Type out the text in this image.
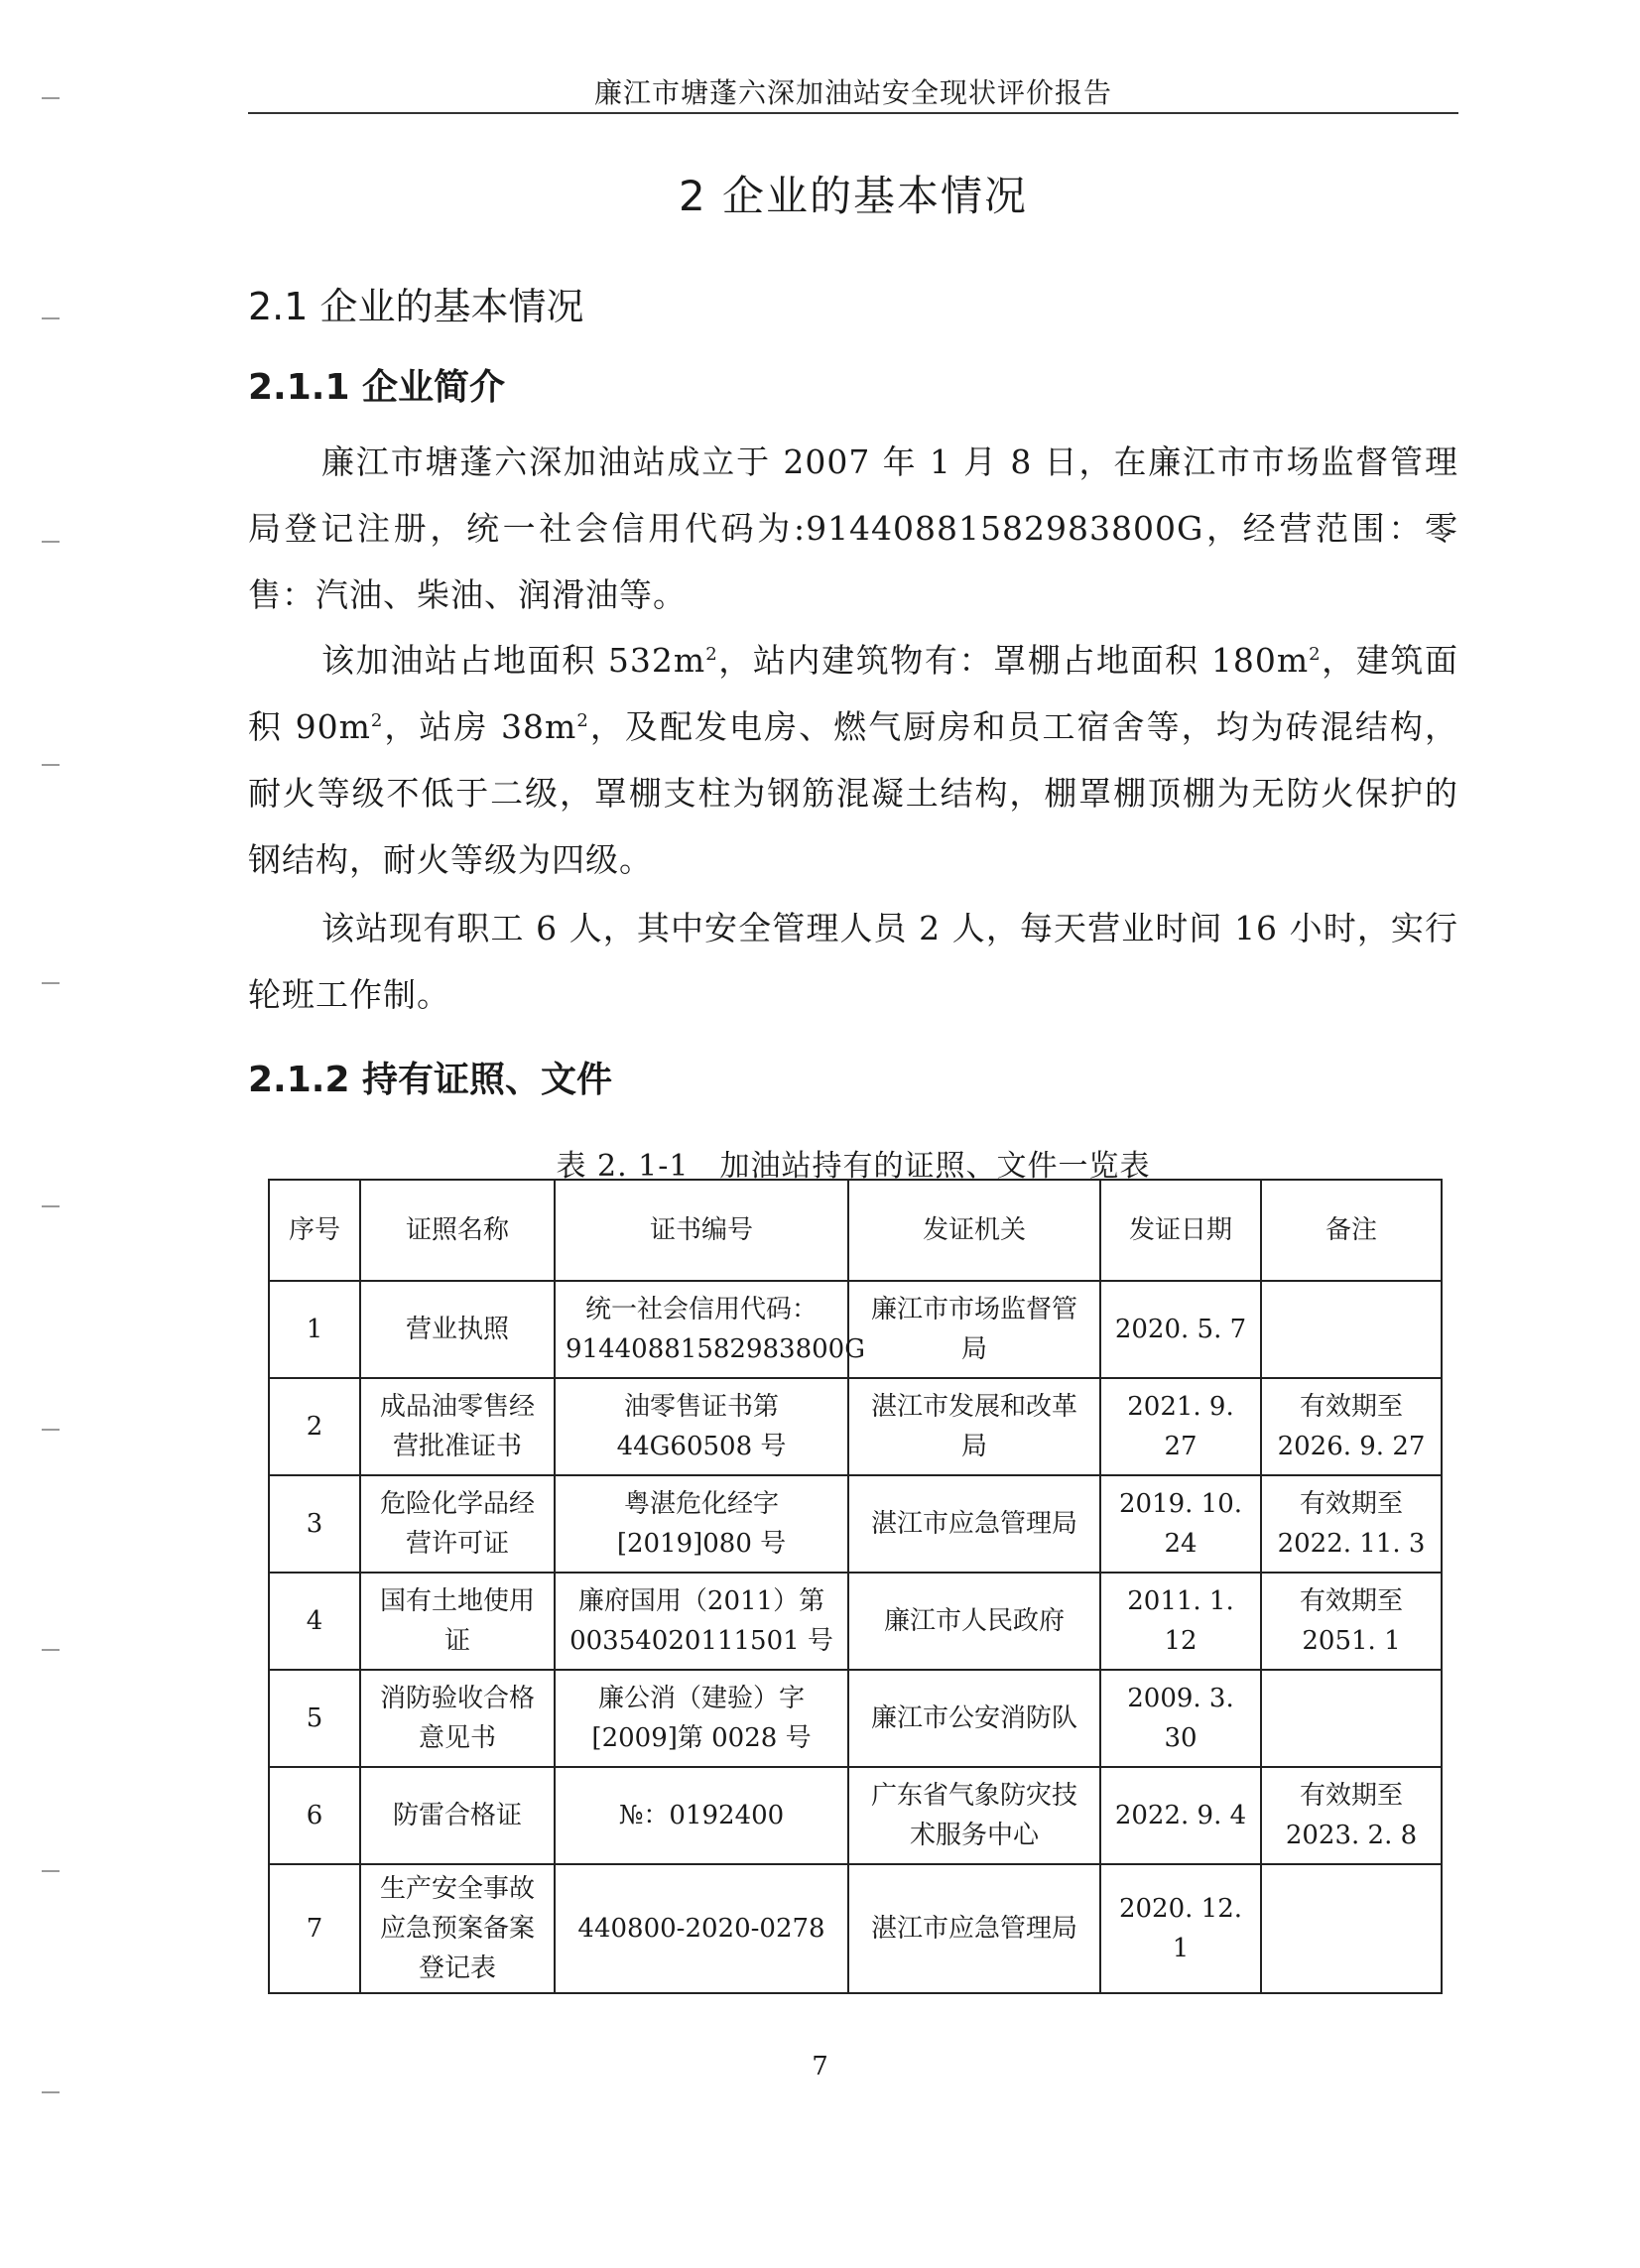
廉江市塘蓬六深加油站安全现状评价报告
2 企业的基本情况
2.1 企业的基本情况
2.1.1 企业简介

廉江市塘蓬六深加油站成立于 2007 年 1 月 8 日，在廉江市市场监督管理局登记注册，统一社会信用代码为:91440881582983800G，经营范围：零售：汽油、柴油、润滑油等。

该加油站占地面积 $532m^2$，站内建筑物有：罩棚占地面积 $180m^2$，建筑面积 $90m^2$，站房 $38m^2$，及配发电房、燃气厨房和员工宿舍等，均为砖混结构，耐火等级不低于二级，罩棚支柱为钢筋混凝土结构，棚罩棚顶棚为无防火保护的钢结构，耐火等级为四级。

该站现有职工 6 人，其中安全管理人员 2 人，每天营业时间 16 小时，实行轮班工作制。

2.1.2 持有证照、文件
表 2. 1-1　加油站持有的证照、文件一览表
序号	证照名称	证书编号	发证机关	发证日期	备注
1	营业执照	统一社会信用代码：91440881582983800G	廉江市市场监督管局	2020. 5. 7	
2	成品油零售经营批准证书	油零售证书第 44G60508 号	湛江市发展和改革局	2021. 9. 27	有效期至 2026. 9. 27
3	危险化学品经营许可证	粤湛危化经字 [2019]080 号	湛江市应急管理局	2019. 10. 24	有效期至 2022. 11. 3
4	国有土地使用证	廉府国用（2011）第 00354020111501 号	廉江市人民政府	2011. 1. 12	有效期至 2051. 1
5	消防验收合格意见书	廉公消（建验）字 [2009]第 0028 号	廉江市公安消防队	2009. 3. 30	
6	防雷合格证	№：0192400	广东省气象防灾技术服务中心	2022. 9. 4	有效期至 2023. 2. 8
7	生产安全事故应急预案备案登记表	440800-2020-0278	湛江市应急管理局	2020. 12. 1	
7
